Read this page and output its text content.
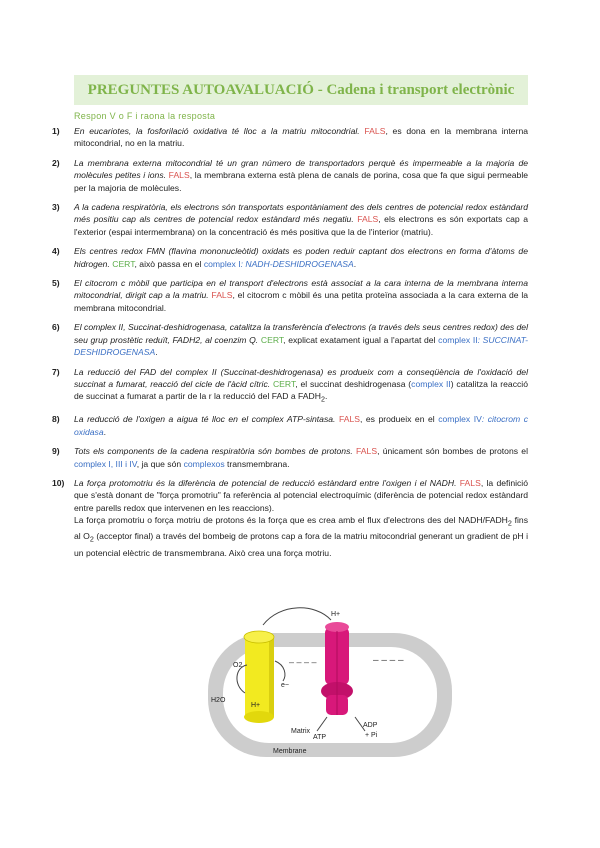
PREGUNTES AUTOAVALUACIÓ - Cadena i transport electrònic
Respon V o F i raona la resposta
1)	En eucariotes, la fosforilació oxidativa té lloc a la matriu mitocondrial. FALS, es dona en la membrana interna mitocondrial, no en la matriu.
2)	La membrana externa mitocondrial té un gran número de transportadors perquè és impermeable a la majoria de molècules petites i ions. FALS, la membrana externa està plena de canals de porina, cosa que fa que sigui permeable per la majoria de molècules.
3)	A la cadena respiratòria, els electrons són transportats espontàniament des dels centres de potencial redox estàndard més positiu cap als centres de potencial redox estàndard més negatiu. FALS, els electrons es són exportats cap a l'exterior (espai intermembrana) on la concentració és més positiva que la de l'interior (matriu).
4)	Els centres redox FMN (flavina mononucleòtid) oxidats es poden reduir captant dos electrons en forma d'àtoms de hidrogen. CERT, això passa en el complex I: NADH-DESHIDROGENASA.
5)	El citocrom c mòbil que participa en el transport d'electrons està associat a la cara interna de la membrana interna mitocondrial, dirigit cap a la matriu. FALS, el citocrom c mòbil és una petita proteïna associada a la cara externa de la membrana mitocondrial.
6)	El complex II, Succinat-deshidrogenasa, catalitza la transferència d'electrons (a través dels seus centres redox) des del seu grup prostètic reduït, FADH2, al coenzim Q. CERT, explicat exatament igual a l'apartat del complex II: SUCCINAT-DESHIDROGENASA.
7)	La reducció del FAD del complex II (Succinat-deshidrogenasa) es produeix com a conseqüència de l'oxidació del succinat a fumarat, reacció del cicle de l'àcid cítric. CERT, el succinat deshidrogenasa (complex II) catalitza la reacció de succinat a fumarat a partir de la r la reducció del FAD a $FADH_2$.
8)	La reducció de l'oxigen a aigua té lloc en el complex ATP-sintasa. FALS, es produeix en el complex IV: citocrom c oxidasa.
9)	Tots els components de la cadena respiratòria són bombes de protons. FALS, únicament són bombes de protons el complex I, III i IV, ja que són complexos transmembrana.
10)	La força protomotriu és la diferència de potencial de reducció estàndard entre l'oxigen i el NADH. FALS, la definició que s'està donant de "força promotriu" fa referència al potencial electroquímic (diferència de potencial redox estàndard entre parells redox que intervenen en les reaccions).
La força promotriu o força motriu de protons és la força que es crea amb el flux d'electrons des del NADH/$FADH_2$ fins al $O_2$ (acceptor final) a través del bombeig de protons cap a fora de la matriu mitocondrial generant un gradient de pH i un potencial elèctric de transmembrana. Això crea una força motriu.
– – – –
– – – –
H+
O2
H2O
H+
e−
ATP
ADP
+ Pi
Matrix
Membrane
